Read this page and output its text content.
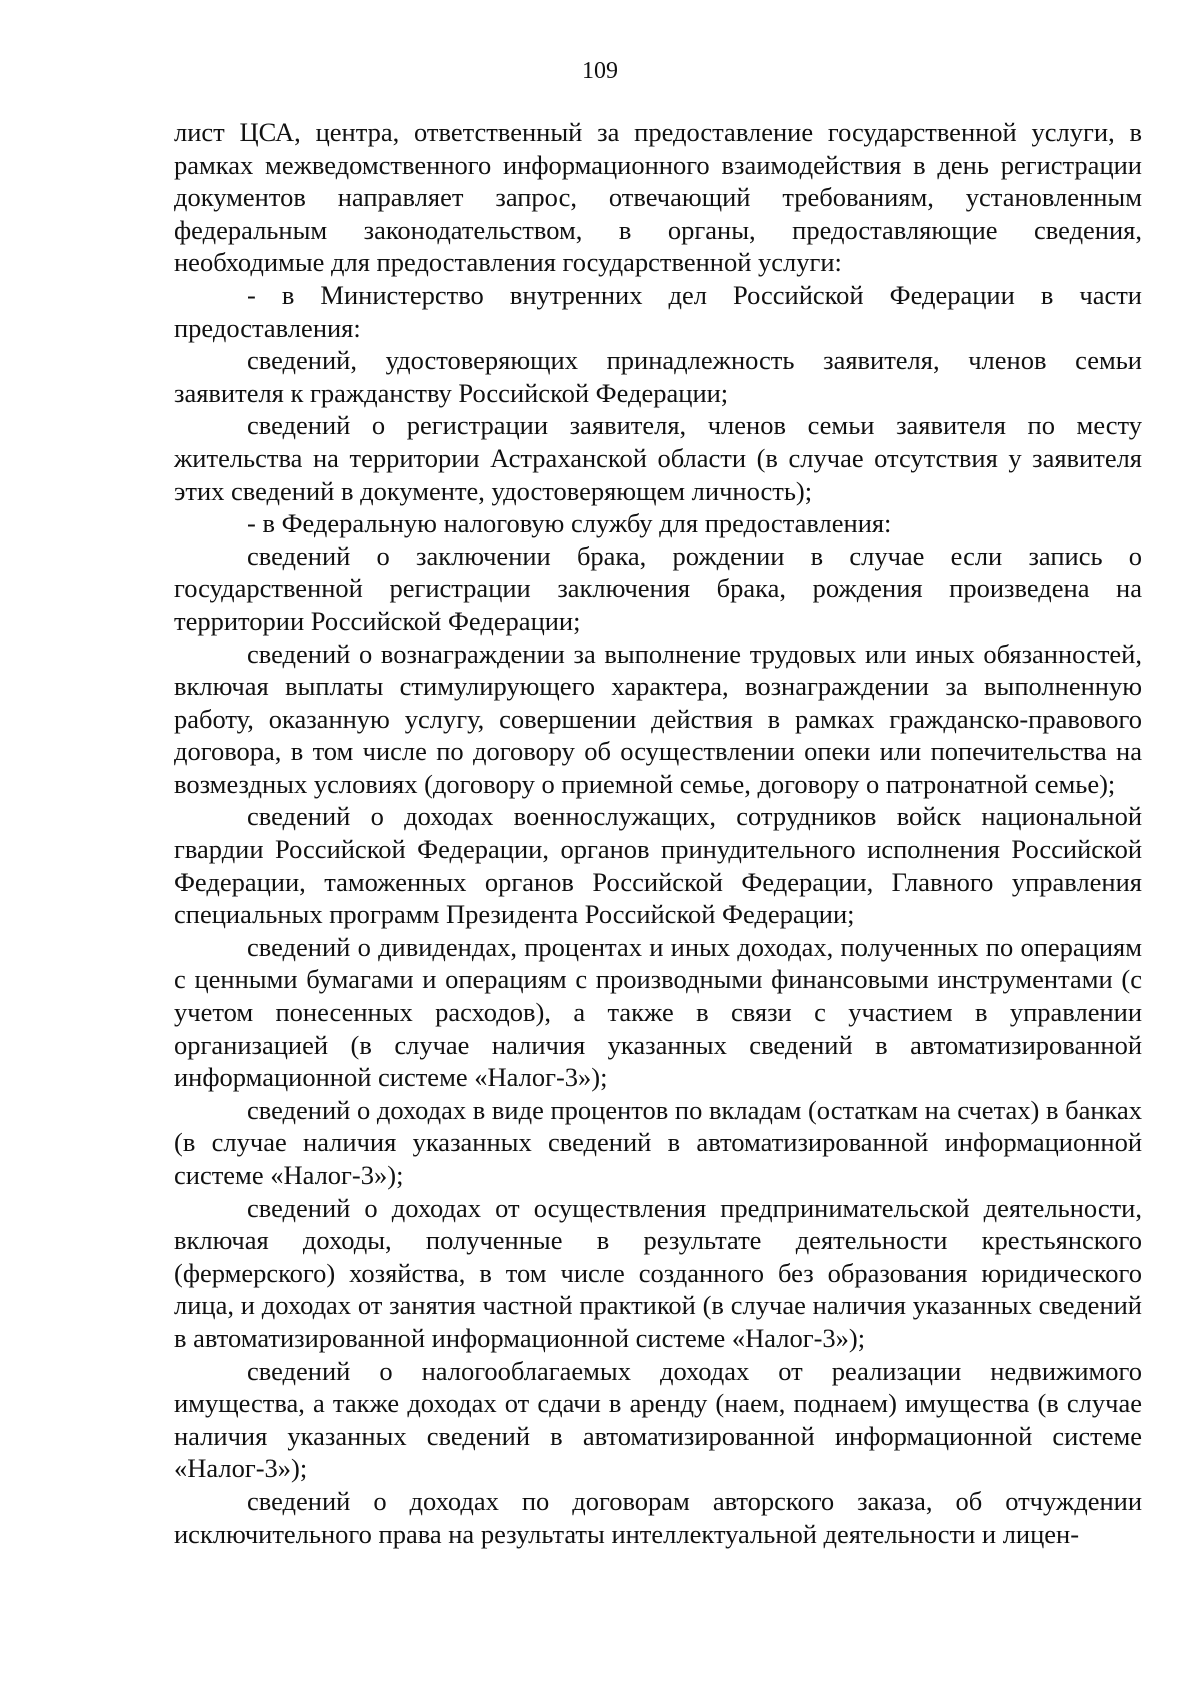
109

лист ЦСА, центра, ответственный за предоставление государственной услуги, в рамках межведомственного информационного взаимодействия в день регистрации документов направляет запрос, отвечающий требованиям, установленным федеральным законодательством, в органы, предоставляющие сведения, необходимые для предоставления государственной услуги:

- в Министерство внутренних дел Российской Федерации в части предоставления:

сведений, удостоверяющих принадлежность заявителя, членов семьи заявителя к гражданству Российской Федерации;

сведений о регистрации заявителя, членов семьи заявителя по месту жительства на территории Астраханской области (в случае отсутствия у заявителя этих сведений в документе, удостоверяющем личность);

- в Федеральную налоговую службу для предоставления:

сведений о заключении брака, рождении в случае если запись о государственной регистрации заключения брака, рождения произведена на территории Российской Федерации;

сведений о вознаграждении за выполнение трудовых или иных обязанностей, включая выплаты стимулирующего характера, вознаграждении за выполненную работу, оказанную услугу, совершении действия в рамках гражданско-правового договора, в том числе по договору об осуществлении опеки или попечительства на возмездных условиях (договору о приемной семье, договору о патронатной семье);

сведений о доходах военнослужащих, сотрудников войск национальной гвардии Российской Федерации, органов принудительного исполнения Российской Федерации, таможенных органов Российской Федерации, Главного управления специальных программ Президента Российской Федерации;

сведений о дивидендах, процентах и иных доходах, полученных по операциям с ценными бумагами и операциям с производными финансовыми инструментами (с учетом понесенных расходов), а также в связи с участием в управлении организацией (в случае наличия указанных сведений в автоматизированной информационной системе «Налог-3»);

сведений о доходах в виде процентов по вкладам (остаткам на счетах) в банках (в случае наличия указанных сведений в автоматизированной информационной системе «Налог-3»);

сведений о доходах от осуществления предпринимательской деятельности, включая доходы, полученные в результате деятельности крестьянского (фермерского) хозяйства, в том числе созданного без образования юридического лица, и доходах от занятия частной практикой (в случае наличия указанных сведений в автоматизированной информационной системе «Налог-3»);

сведений о налогооблагаемых доходах от реализации недвижимого имущества, а также доходах от сдачи в аренду (наем, поднаем) имущества (в случае наличия указанных сведений в автоматизированной информационной системе «Налог-3»);

сведений о доходах по договорам авторского заказа, об отчуждении исключительного права на результаты интеллектуальной деятельности и лицен-
